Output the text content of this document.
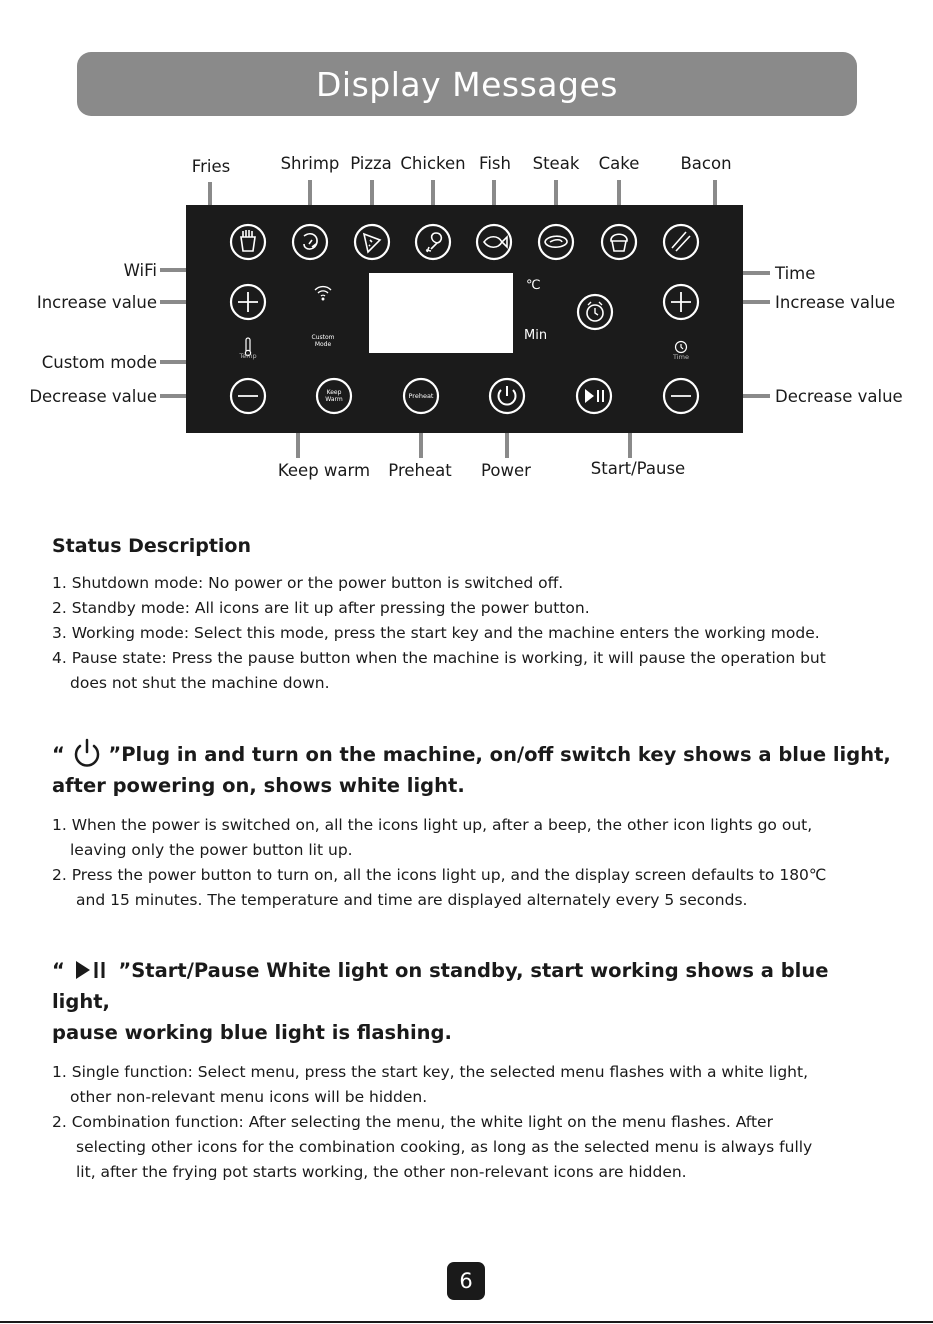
Display Messages
Custom
Mode
Keep
Warm	Preheat
Temp	Time
℃
Min
Fries	Shrimp Pizza Chicken Fish Steak Cake Bacon
WiFi
Increase value
Custom mode
Decrease value
Time
Increase value
Decrease value
Keep warm Preheat Power	Start/Pause
Status Description
1. Shutdown mode: No power or the power button is switched off.
2. Standby mode: All icons are lit up after pressing the power button.
3. Working mode: Select this mode, press the start key and the machine enters the working mode.
4. Pause state: Press the pause button when the machine is working, it will pause the operation but
does not shut the machine down.
“ ”Plug in and turn on the machine, on/off switch key shows a blue light,
after powering on, shows white light.
1. When the power is switched on, all the icons light up, after a beep, the other icon lights go out,
leaving only the power button lit up.
2. Press the power button to turn on, all the icons light up, and the display screen defaults to 180℃
and 15 minutes. The temperature and time are displayed alternately every 5 seconds.
“	”Start/Pause White light on standby, start working shows a blue light,
pause working blue light is flashing.
1. Single function: Select menu, press the start key, the selected menu flashes with a white light,
other non-relevant menu icons will be hidden.
2. Combination function: After selecting the menu, the white light on the menu flashes. After
selecting other icons for the combination cooking, as long as the selected menu is always fully
lit, after the frying pot starts working, the other non-relevant icons are hidden.
6
